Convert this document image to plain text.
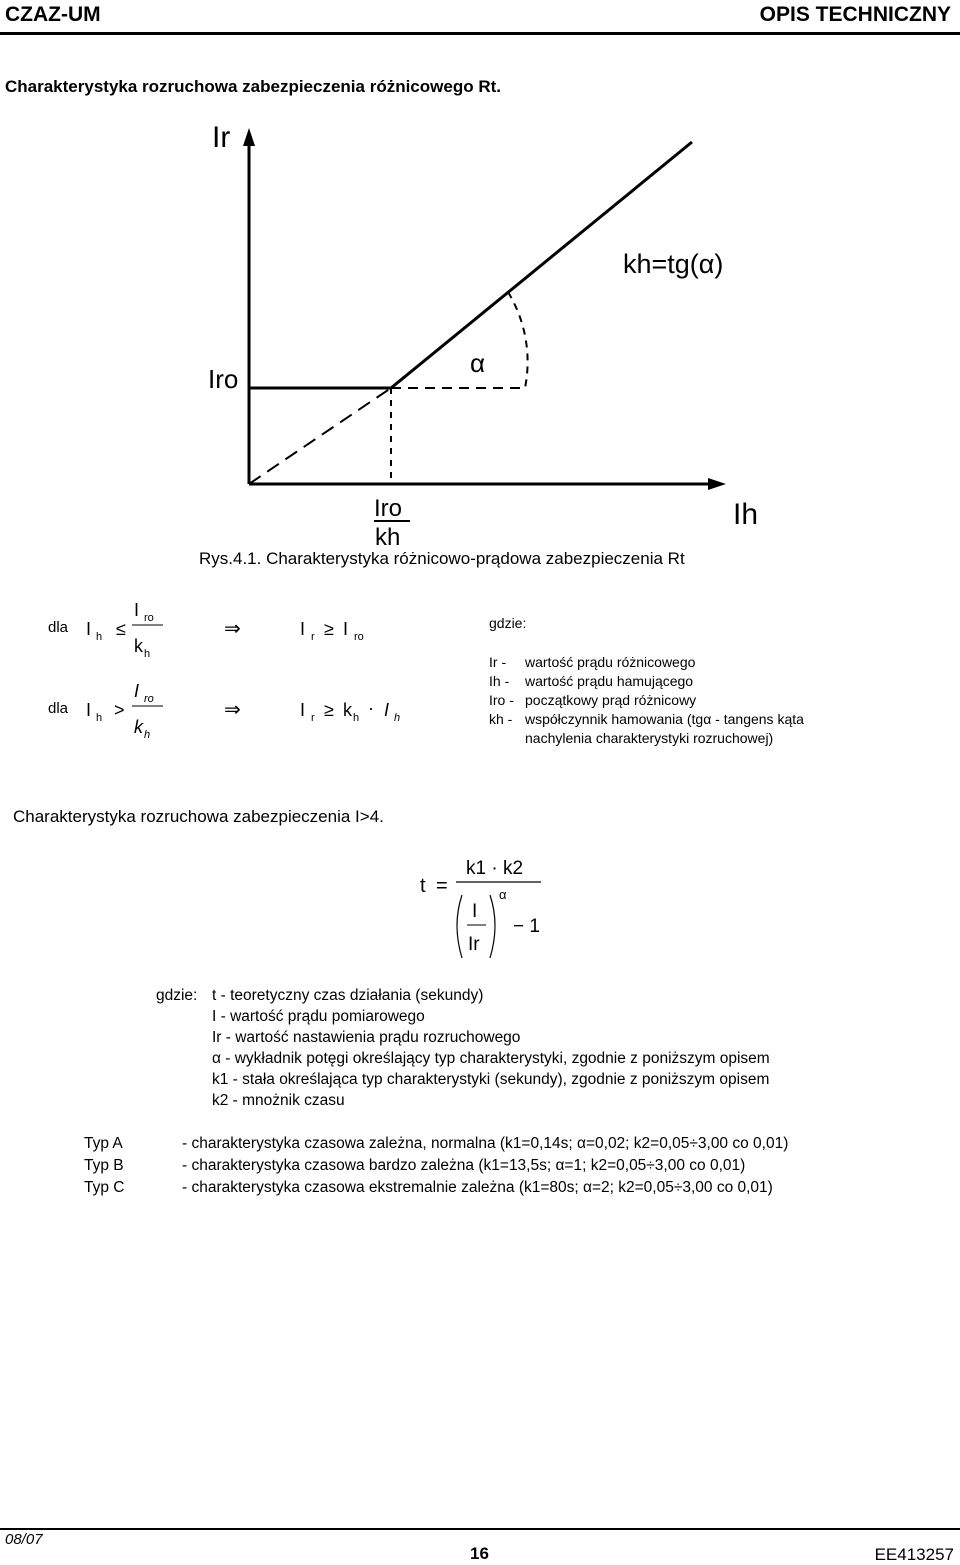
CZAZ-UM	OPIS TECHNICZNY
Charakterystyka rozruchowa zabezpieczenia różnicowego Rt.
Ir
Ih
kh=tg(α)
Iro
α
Iro
kh
Rys.4.1. Charakterystyka różnicowo-prądowa zabezpieczenia Rt
dla
dla
I h ≤
I ro
k h
⇒	I r ≥ I ro
I h >
I ro
k h
⇒	I r ≥ k h · I h
gdzie:
Ir - wartość prądu różnicowego
Ih - wartość prądu hamującego
Iro - początkowy prąd różnicowy
kh - współczynnik hamowania (tgα - tangens kąta
nachylenia charakterystyki rozruchowej)
Charakterystyka rozruchowa zabezpieczenia I>4.
t =
k1 · k2
I
Ir
α
− 1
gdzie: t - teoretyczny czas działania (sekundy)
I - wartość prądu pomiarowego
Ir - wartość nastawienia prądu rozruchowego
α - wykładnik potęgi określający typ charakterystyki, zgodnie z poniższym opisem
k1 - stała określająca typ charakterystyki (sekundy), zgodnie z poniższym opisem
k2 - mnożnik czasu
Typ A	- charakterystyka czasowa zależna, normalna (k1=0,14s; α=0,02; k2=0,05÷3,00 co 0,01)
Typ B	- charakterystyka czasowa bardzo zależna (k1=13,5s; α=1; k2=0,05÷3,00 co 0,01)
Typ C	- charakterystyka czasowa ekstremalnie zależna (k1=80s; α=2; k2=0,05÷3,00 co 0,01)
08/07
16	EE413257
